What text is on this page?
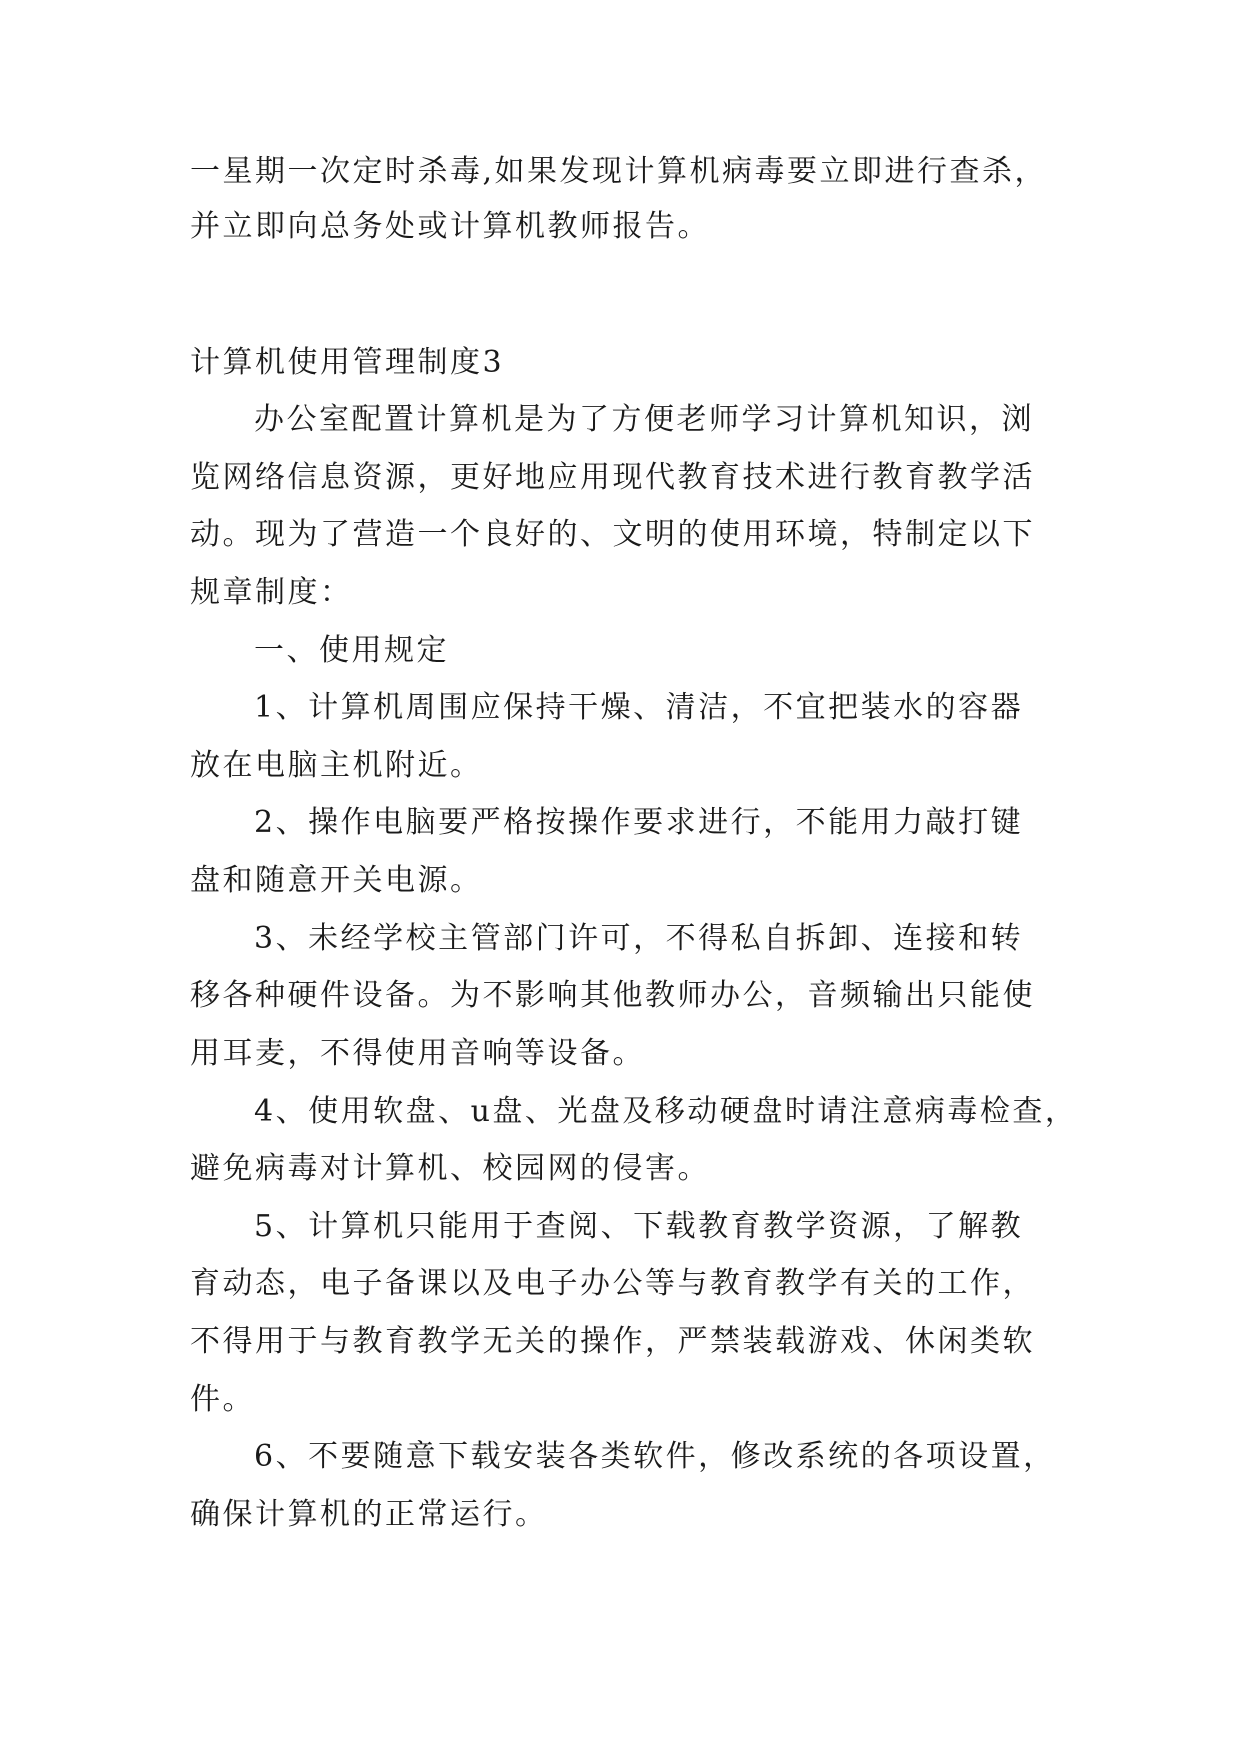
一星期一次定时杀毒,如果发现计算机病毒要立即进行查杀，
并立即向总务处或计算机教师报告。
计算机使用管理制度3
办公室配置计算机是为了方便老师学习计算机知识，浏
览网络信息资源，更好地应用现代教育技术进行教育教学活
动。现为了营造一个良好的、文明的使用环境，特制定以下
规章制度：
一、使用规定
1、计算机周围应保持干燥、清洁，不宜把装水的容器
放在电脑主机附近。
2、操作电脑要严格按操作要求进行，不能用力敲打键
盘和随意开关电源。
3、未经学校主管部门许可，不得私自拆卸、连接和转
移各种硬件设备。为不影响其他教师办公，音频输出只能使
用耳麦，不得使用音响等设备。
4、使用软盘、u盘、光盘及移动硬盘时请注意病毒检查，
避免病毒对计算机、校园网的侵害。
5、计算机只能用于查阅、下载教育教学资源，了解教
育动态，电子备课以及电子办公等与教育教学有关的工作，
不得用于与教育教学无关的操作，严禁装载游戏、休闲类软
件。
6、不要随意下载安装各类软件，修改系统的各项设置，
确保计算机的正常运行。
